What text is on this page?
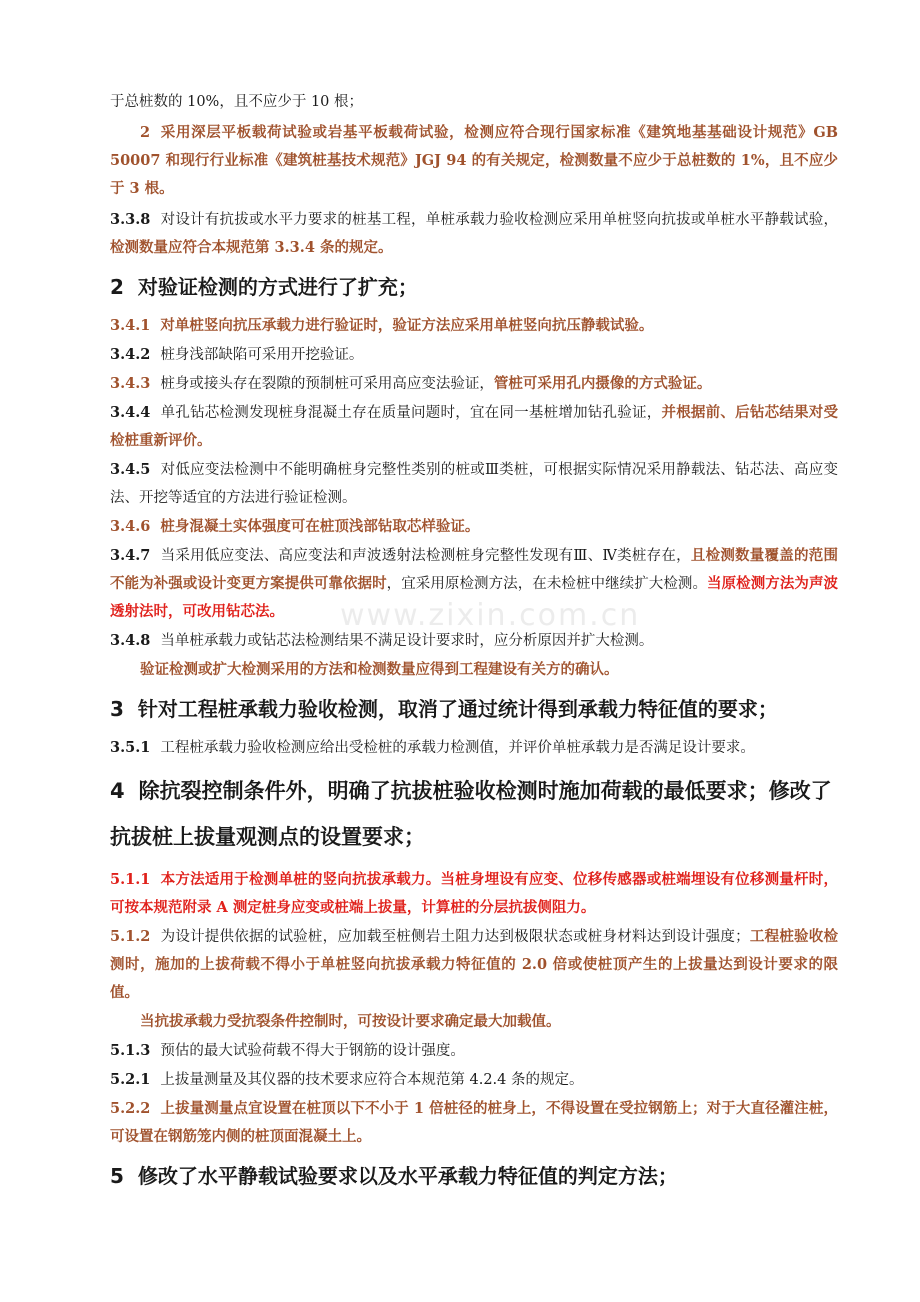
www.zixin.com.cn

于总桩数的 10%，且不应少于 10 根；

2 采用深层平板载荷试验或岩基平板载荷试验，检测应符合现行国家标准《建筑地基基础设计规范》GB 50007 和现行行业标准《建筑桩基技术规范》JGJ 94 的有关规定，检测数量不应少于总桩数的 1%，且不应少于 3 根。

3.3.8 对设计有抗拔或水平力要求的桩基工程，单桩承载力验收检测应采用单桩竖向抗拔或单桩水平静载试验，检测数量应符合本规范第 3.3.4 条的规定。

2 对验证检测的方式进行了扩充；

3.4.1 对单桩竖向抗压承载力进行验证时，验证方法应采用单桩竖向抗压静载试验。

3.4.2 桩身浅部缺陷可采用开挖验证。

3.4.3 桩身或接头存在裂隙的预制桩可采用高应变法验证，管桩可采用孔内摄像的方式验证。

3.4.4 单孔钻芯检测发现桩身混凝土存在质量问题时，宜在同一基桩增加钻孔验证，并根据前、后钻芯结果对受检桩重新评价。

3.4.5 对低应变法检测中不能明确桩身完整性类别的桩或Ⅲ类桩，可根据实际情况采用静载法、钻芯法、高应变法、开挖等适宜的方法进行验证检测。

3.4.6 桩身混凝土实体强度可在桩顶浅部钻取芯样验证。

3.4.7 当采用低应变法、高应变法和声波透射法检测桩身完整性发现有Ⅲ、Ⅳ类桩存在，且检测数量覆盖的范围不能为补强或设计变更方案提供可靠依据时，宜采用原检测方法，在未检桩中继续扩大检测。当原检测方法为声波透射法时，可改用钻芯法。

3.4.8 当单桩承载力或钻芯法检测结果不满足设计要求时，应分析原因并扩大检测。

验证检测或扩大检测采用的方法和检测数量应得到工程建设有关方的确认。

3 针对工程桩承载力验收检测，取消了通过统计得到承载力特征值的要求；

3.5.1 工程桩承载力验收检测应给出受检桩的承载力检测值，并评价单桩承载力是否满足设计要求。

4 除抗裂控制条件外，明确了抗拔桩验收检测时施加荷载的最低要求；修改了抗拔桩上拔量观测点的设置要求；

5.1.1 本方法适用于检测单桩的竖向抗拔承载力。当桩身埋设有应变、位移传感器或桩端埋设有位移测量杆时，可按本规范附录 A 测定桩身应变或桩端上拔量，计算桩的分层抗拔侧阻力。

5.1.2 为设计提供依据的试验桩，应加载至桩侧岩土阻力达到极限状态或桩身材料达到设计强度；工程桩验收检测时，施加的上拔荷载不得小于单桩竖向抗拔承载力特征值的 2.0 倍或使桩顶产生的上拔量达到设计要求的限值。

当抗拔承载力受抗裂条件控制时，可按设计要求确定最大加载值。

5.1.3 预估的最大试验荷载不得大于钢筋的设计强度。

5.2.1 上拔量测量及其仪器的技术要求应符合本规范第 4.2.4 条的规定。

5.2.2 上拔量测量点宜设置在桩顶以下不小于 1 倍桩径的桩身上，不得设置在受拉钢筋上；对于大直径灌注桩，可设置在钢筋笼内侧的桩顶面混凝土上。

5 修改了水平静载试验要求以及水平承载力特征值的判定方法；
